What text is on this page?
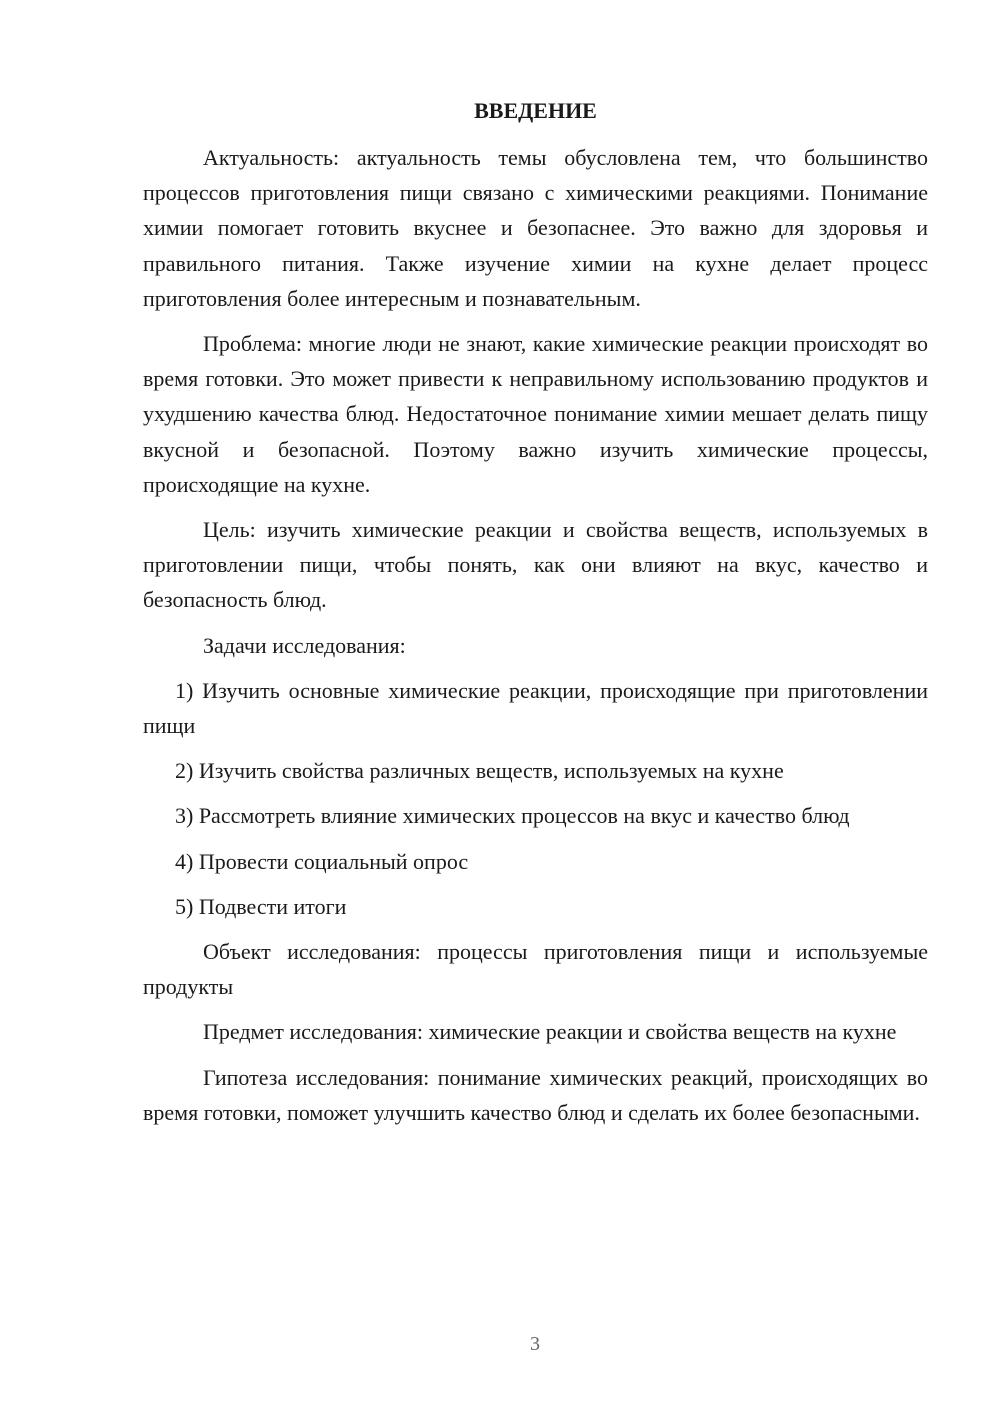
ВВЕДЕНИЕ

Актуальность: актуальность темы обусловлена тем, что большинство процессов приготовления пищи связано с химическими реакциями. Понимание химии помогает готовить вкуснее и безопаснее. Это важно для здоровья и правильного питания. Также изучение химии на кухне делает процесс приготовления более интересным и познавательным.

Проблема: многие люди не знают, какие химические реакции происходят во время готовки. Это может привести к неправильному использованию продуктов и ухудшению качества блюд. Недостаточное понимание химии мешает делать пищу вкусной и безопасной. Поэтому важно изучить химические процессы, происходящие на кухне.

Цель: изучить химические реакции и свойства веществ, используемых в приготовлении пищи, чтобы понять, как они влияют на вкус, качество и безопасность блюд.

Задачи исследования:

1) Изучить основные химические реакции, происходящие при приготовлении пищи

2) Изучить свойства различных веществ, используемых на кухне

3) Рассмотреть влияние химических процессов на вкус и качество блюд

4) Провести социальный опрос

5) Подвести итоги

Объект исследования: процессы приготовления пищи и используемые продукты

Предмет исследования: химические реакции и свойства веществ на кухне

Гипотеза исследования: понимание химических реакций, происходящих во время готовки, поможет улучшить качество блюд и сделать их более безопасными.

3
